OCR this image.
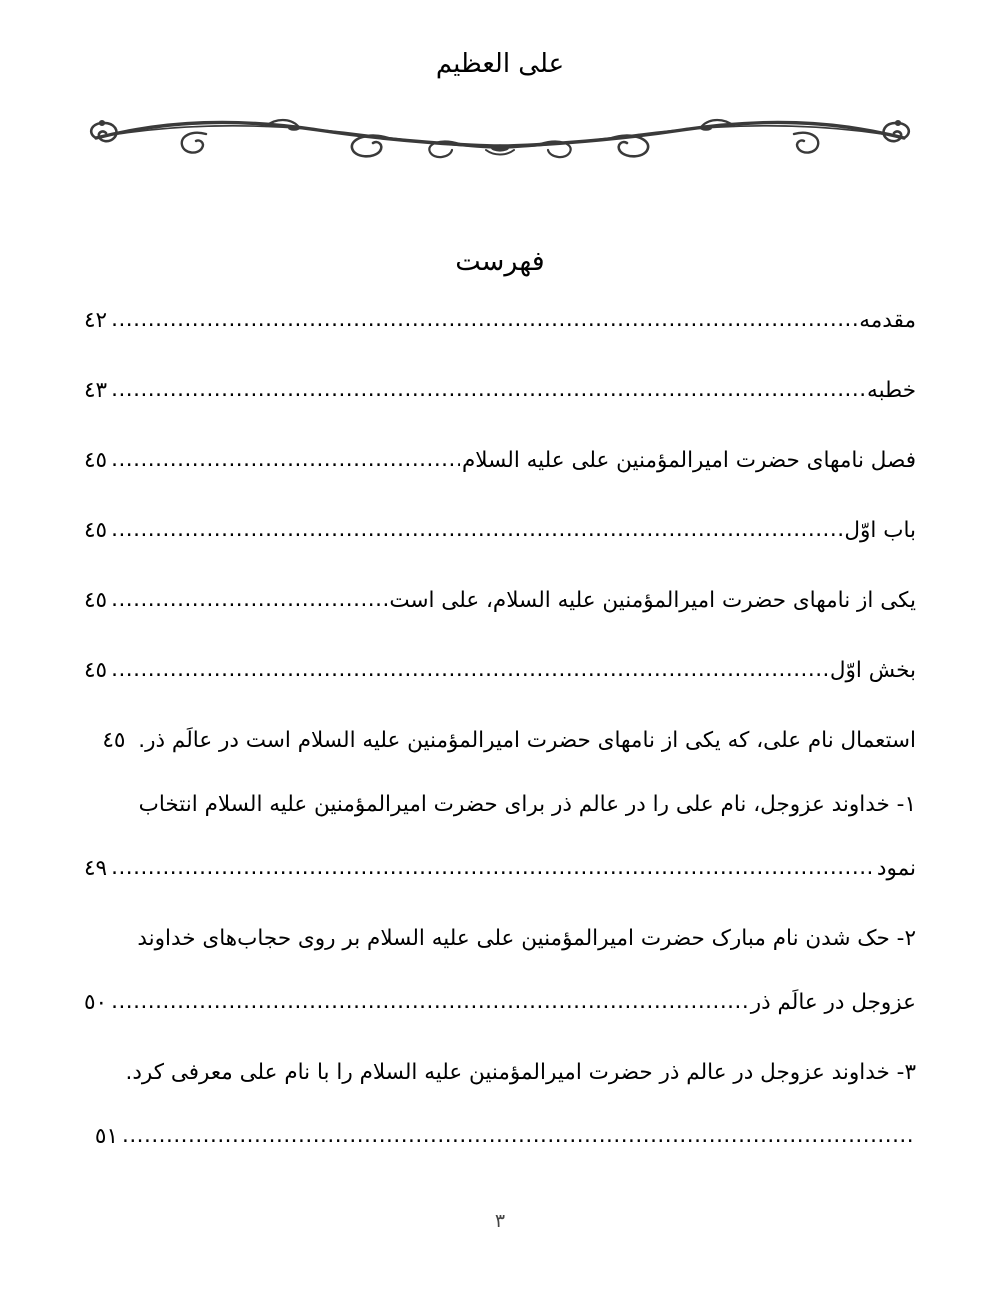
علی العظیم
فهرست
مقدمه
.....
٤٢
خطبه
.....
٤٣
فصل نامهای حضرت امیرالمؤمنین علی علیه السلام
.....
٤٥
باب اوّل
.....
٤٥
یکی از نامهای حضرت امیرالمؤمنین علیه السلام، علی است
.....
٤٥
بخش اوّل
.....
٤٥
استعمال نام علی، که یکی از نامهای حضرت امیرالمؤمنین علیه السلام است در عالَم ذر. ٤٥
١- خداوند عزوجل، نام علی را در عالم ذر برای حضرت امیرالمؤمنین علیه السلام انتخاب
نمود
.....
٤٩
٢- حک شدن نام مبارک حضرت امیرالمؤمنین علی علیه السلام بر روی حجاب‌های خداوند
عزوجل در عالَم ذر
.....
٥٠
٣- خداوند عزوجل در عالم ذر حضرت امیرالمؤمنین علیه السلام را با نام علی معرفی کرد.
.....
٥١
٣
